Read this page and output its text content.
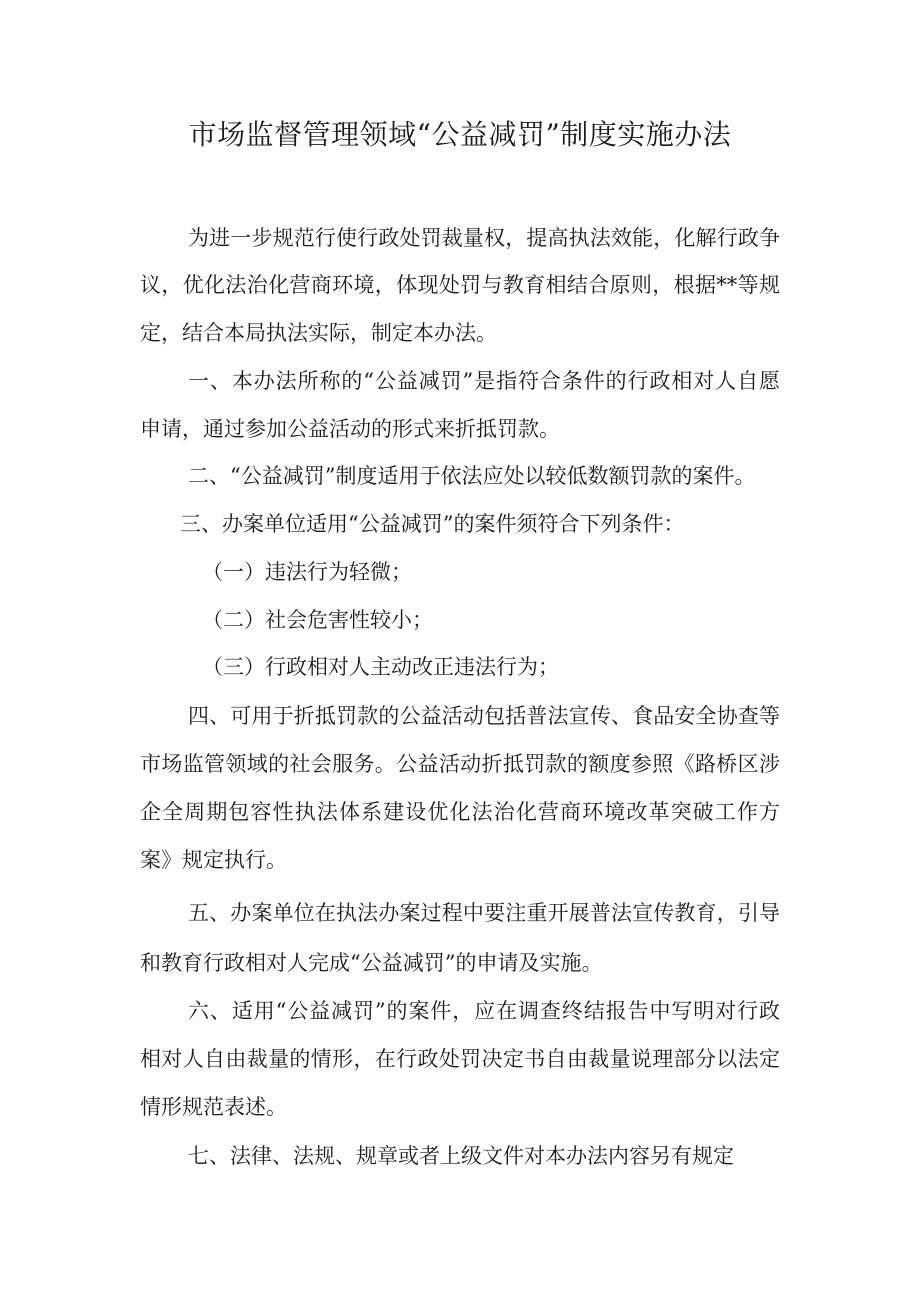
市场监督管理领域“公益减罚”制度实施办法
为进一步规范行使行政处罚裁量权，提高执法效能，化解行政争
议，优化法治化营商环境，体现处罚与教育相结合原则，根据**等规
定，结合本局执法实际，制定本办法。
一、本办法所称的“公益减罚”是指符合条件的行政相对人自愿
申请，通过参加公益活动的形式来折抵罚款。
二、“公益减罚”制度适用于依法应处以较低数额罚款的案件。
三、办案单位适用“公益减罚”的案件须符合下列条件：
（一）违法行为轻微；
（二）社会危害性较小；
（三）行政相对人主动改正违法行为；
四、可用于折抵罚款的公益活动包括普法宣传、食品安全协查等
市场监管领域的社会服务。公益活动折抵罚款的额度参照《路桥区涉
企全周期包容性执法体系建设优化法治化营商环境改革突破工作方
案》规定执行。
五、办案单位在执法办案过程中要注重开展普法宣传教育，引导
和教育行政相对人完成“公益减罚”的申请及实施。
六、适用“公益减罚”的案件，应在调查终结报告中写明对行政
相对人自由裁量的情形，在行政处罚决定书自由裁量说理部分以法定
情形规范表述。
七、法律、法规、规章或者上级文件对本办法内容另有规定
